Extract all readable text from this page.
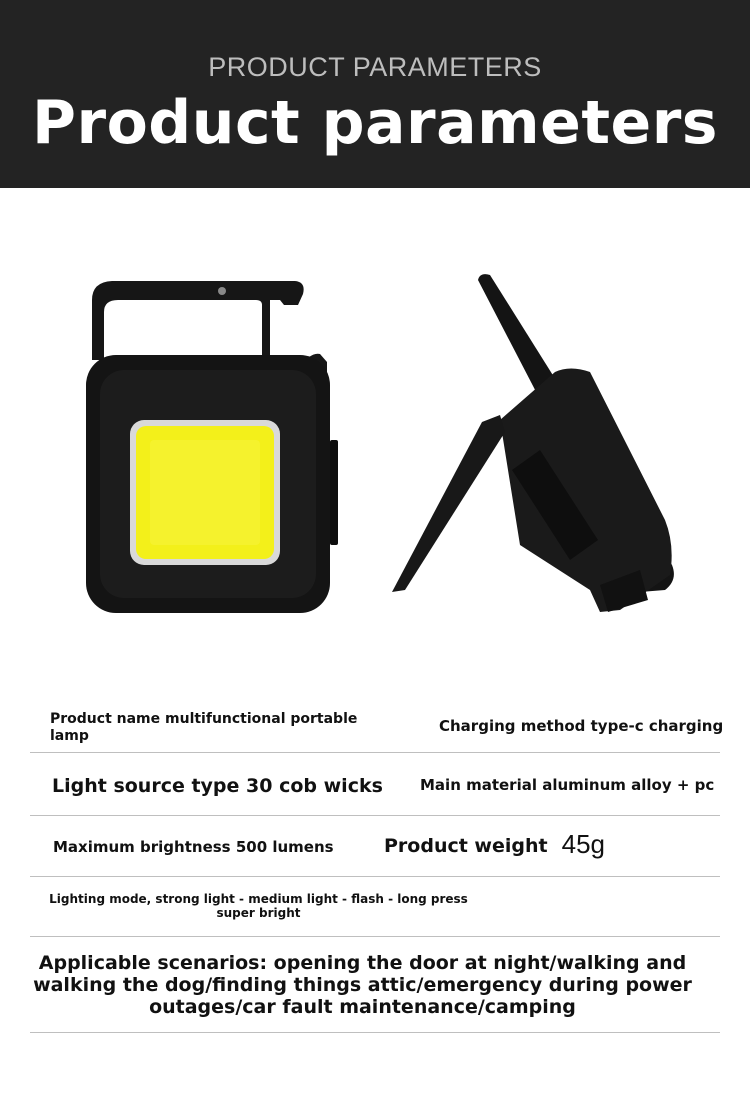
PRODUCT PARAMETERS
Product parameters
Product name multifunctional portable lamp
Charging method type-c charging
Light source type 30 cob wicks Main material aluminum alloy + pc
Maximum brightness 500 lumens	Product weight 45g
Lighting mode, strong light - medium light - flash - long press super bright
Applicable scenarios: opening the door at night/walking and walking the dog/finding things attic/emergency during power outages/car fault maintenance/camping
